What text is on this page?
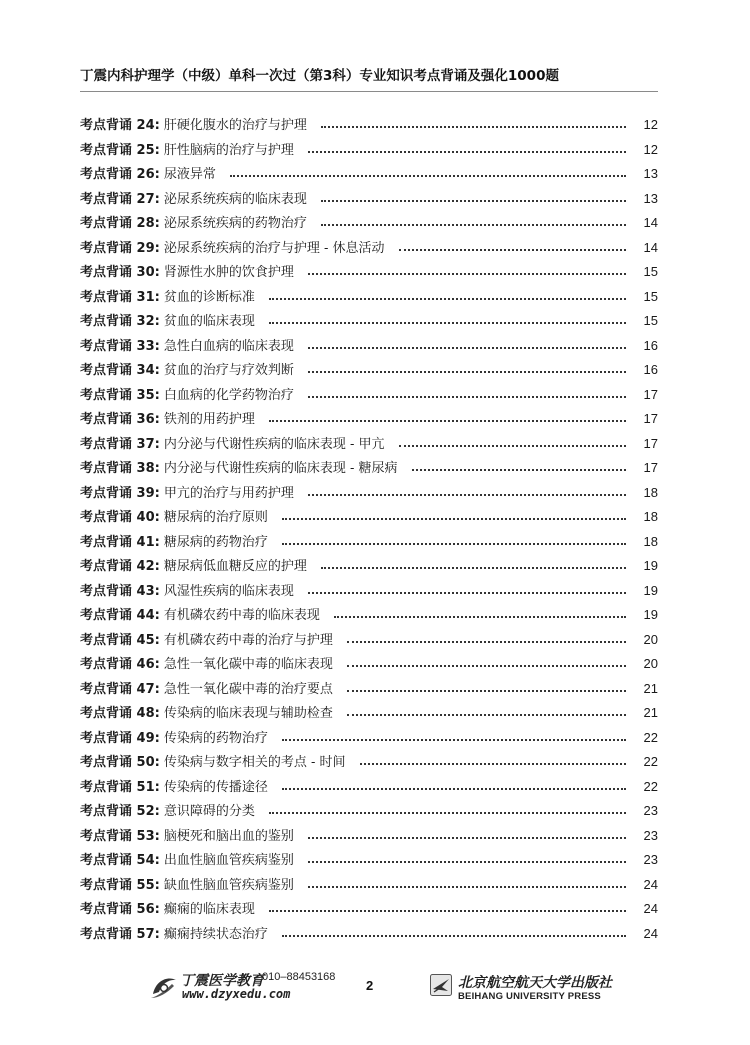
丁震内科护理学（中级）单科一次过（第3科）专业知识考点背诵及强化1000题
考点背诵 24: 肝硬化腹水的治疗与护理	12
考点背诵 25: 肝性脑病的治疗与护理	12
考点背诵 26: 尿液异常	13
考点背诵 27: 泌尿系统疾病的临床表现	13
考点背诵 28: 泌尿系统疾病的药物治疗	14
考点背诵 29: 泌尿系统疾病的治疗与护理 - 休息活动	14
考点背诵 30: 肾源性水肿的饮食护理	15
考点背诵 31: 贫血的诊断标准	15
考点背诵 32: 贫血的临床表现	15
考点背诵 33: 急性白血病的临床表现	16
考点背诵 34: 贫血的治疗与疗效判断	16
考点背诵 35: 白血病的化学药物治疗	17
考点背诵 36: 铁剂的用药护理	17
考点背诵 37: 内分泌与代谢性疾病的临床表现 - 甲亢	17
考点背诵 38: 内分泌与代谢性疾病的临床表现 - 糖尿病	17
考点背诵 39: 甲亢的治疗与用药护理	18
考点背诵 40: 糖尿病的治疗原则	18
考点背诵 41: 糖尿病的药物治疗	18
考点背诵 42: 糖尿病低血糖反应的护理	19
考点背诵 43: 风湿性疾病的临床表现	19
考点背诵 44: 有机磷农药中毒的临床表现	19
考点背诵 45: 有机磷农药中毒的治疗与护理	20
考点背诵 46: 急性一氧化碳中毒的临床表现	20
考点背诵 47: 急性一氧化碳中毒的治疗要点	21
考点背诵 48: 传染病的临床表现与辅助检查	21
考点背诵 49: 传染病的药物治疗	22
考点背诵 50: 传染病与数字相关的考点 - 时间	22
考点背诵 51: 传染病的传播途径	22
考点背诵 52: 意识障碍的分类	23
考点背诵 53: 脑梗死和脑出血的鉴别	23
考点背诵 54: 出血性脑血管疾病鉴别	23
考点背诵 55: 缺血性脑血管疾病鉴别	24
考点背诵 56: 癫痫的临床表现	24
考点背诵 57: 癫痫持续状态治疗	24
丁震医学教育
010–88453168
www.dzyxedu.com
2	北京航空航天大学出版社
BEIHANG UNIVERSITY PRESS
